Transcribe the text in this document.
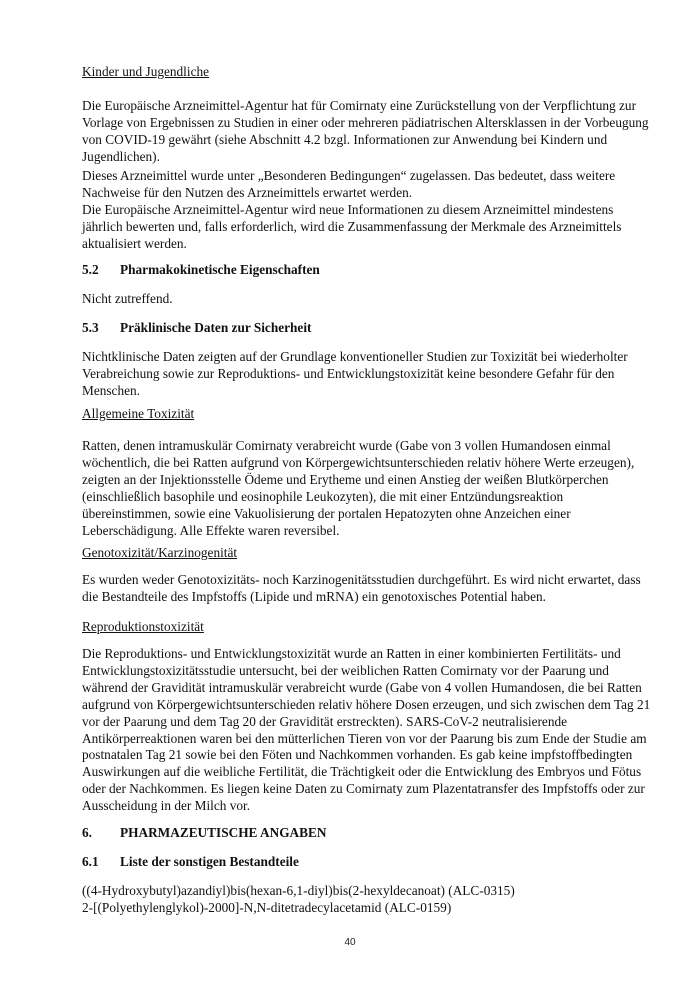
Kinder und Jugendliche

Die Europäische Arzneimittel-Agentur hat für Comirnaty eine Zurückstellung von der Verpflichtung zur Vorlage von Ergebnissen zu Studien in einer oder mehreren pädiatrischen Altersklassen in der Vorbeugung von COVID-19 gewährt (siehe Abschnitt 4.2 bzgl. Informationen zur Anwendung bei Kindern und Jugendlichen).

Dieses Arzneimittel wurde unter „Besonderen Bedingungen“ zugelassen. Das bedeutet, dass weitere Nachweise für den Nutzen des Arzneimittels erwartet werden.
Die Europäische Arzneimittel-Agentur wird neue Informationen zu diesem Arzneimittel mindestens jährlich bewerten und, falls erforderlich, wird die Zusammenfassung der Merkmale des Arzneimittels aktualisiert werden.

5.2 Pharmakokinetische Eigenschaften

Nicht zutreffend.

5.3 Präklinische Daten zur Sicherheit

Nichtklinische Daten zeigten auf der Grundlage konventioneller Studien zur Toxizität bei wiederholter Verabreichung sowie zur Reproduktions- und Entwicklungstoxizität keine besondere Gefahr für den Menschen.

Allgemeine Toxizität

Ratten, denen intramuskulär Comirnaty verabreicht wurde (Gabe von 3 vollen Humandosen einmal wöchentlich, die bei Ratten aufgrund von Körpergewichtsunterschieden relativ höhere Werte erzeugen), zeigten an der Injektionsstelle Ödeme und Erytheme und einen Anstieg der weißen Blutkörperchen (einschließlich basophile und eosinophile Leukozyten), die mit einer Entzündungsreaktion übereinstimmen, sowie eine Vakuolisierung der portalen Hepatozyten ohne Anzeichen einer Leberschädigung. Alle Effekte waren reversibel.

Genotoxizität/Karzinogenität

Es wurden weder Genotoxizitäts- noch Karzinogenitätsstudien durchgeführt. Es wird nicht erwartet, dass die Bestandteile des Impfstoffs (Lipide und mRNA) ein genotoxisches Potential haben.

Reproduktionstoxizität

Die Reproduktions- und Entwicklungstoxizität wurde an Ratten in einer kombinierten Fertilitäts- und Entwicklungstoxizitätsstudie untersucht, bei der weiblichen Ratten Comirnaty vor der Paarung und während der Gravidität intramuskulär verabreicht wurde (Gabe von 4 vollen Humandosen, die bei Ratten aufgrund von Körpergewichtsunterschieden relativ höhere Dosen erzeugen, und sich zwischen dem Tag 21 vor der Paarung und dem Tag 20 der Gravidität erstreckten). SARS-CoV-2 neutralisierende Antikörperreaktionen waren bei den mütterlichen Tieren von vor der Paarung bis zum Ende der Studie am postnatalen Tag 21 sowie bei den Föten und Nachkommen vorhanden. Es gab keine impfstoffbedingten Auswirkungen auf die weibliche Fertilität, die Trächtigkeit oder die Entwicklung des Embryos und Fötus oder der Nachkommen. Es liegen keine Daten zu Comirnaty zum Plazentatransfer des Impfstoffs oder zur Ausscheidung in der Milch vor.

6. PHARMAZEUTISCHE ANGABEN

6.1 Liste der sonstigen Bestandteile

((4-Hydroxybutyl)azandiyl)bis(hexan-6,1-diyl)bis(2-hexyldecanoat) (ALC-0315)
2-[(Polyethylenglykol)-2000]-N,N-ditetradecylacetamid (ALC-0159)

40
